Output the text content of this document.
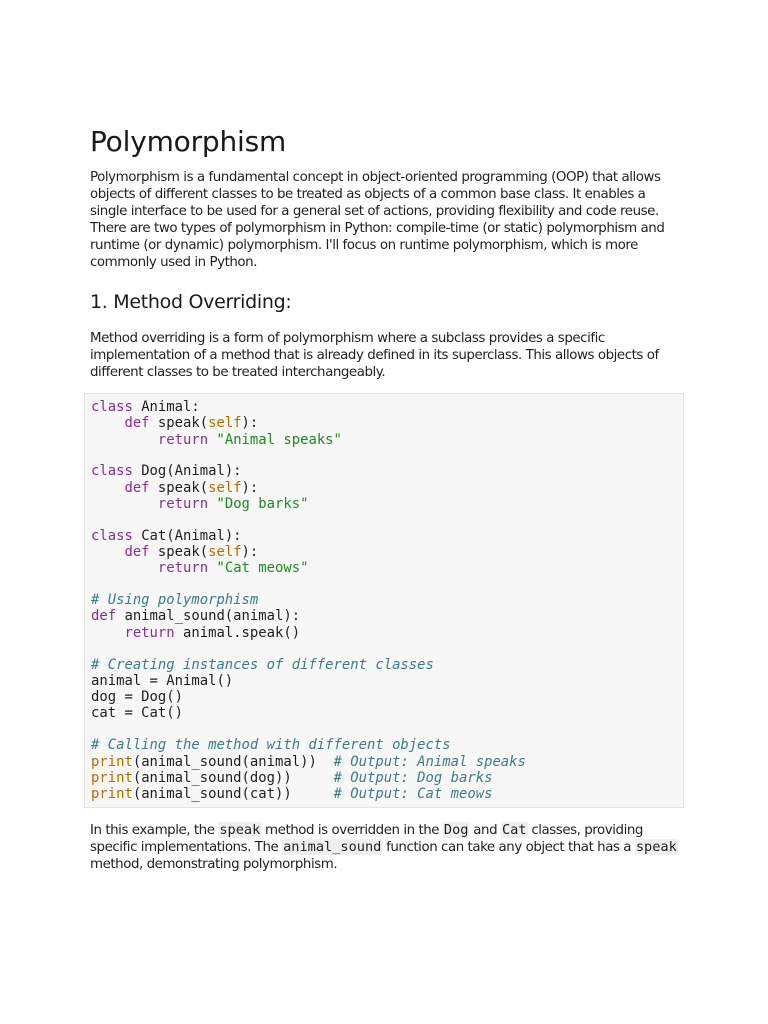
Polymorphism

Polymorphism is a fundamental concept in object-oriented programming (OOP) that allows objects of different classes to be treated as objects of a common base class. It enables a single interface to be used for a general set of actions, providing flexibility and code reuse. There are two types of polymorphism in Python: compile-time (or static) polymorphism and runtime (or dynamic) polymorphism. I'll focus on runtime polymorphism, which is more commonly used in Python.

1. Method Overriding:

Method overriding is a form of polymorphism where a subclass provides a specific implementation of a method that is already defined in its superclass. This allows objects of different classes to be treated interchangeably.

class Animal:
def speak(self):
return "Animal speaks"
class Dog(Animal):
def speak(self):
return "Dog barks"
class Cat(Animal):
def speak(self):
return "Cat meows"
# Using polymorphism
def animal_sound(animal):
return animal.speak()
# Creating instances of different classes
animal = Animal()
dog = Dog()
cat = Cat()
# Calling the method with different objects
print(animal_sound(animal))  # Output: Animal speaks
print(animal_sound(dog))     # Output: Dog barks
print(animal_sound(cat))     # Output: Cat meows

In this example, the speak method is overridden in the Dog and Cat classes, providing specific implementations. The animal_sound function can take any object that has a speak method, demonstrating polymorphism.
